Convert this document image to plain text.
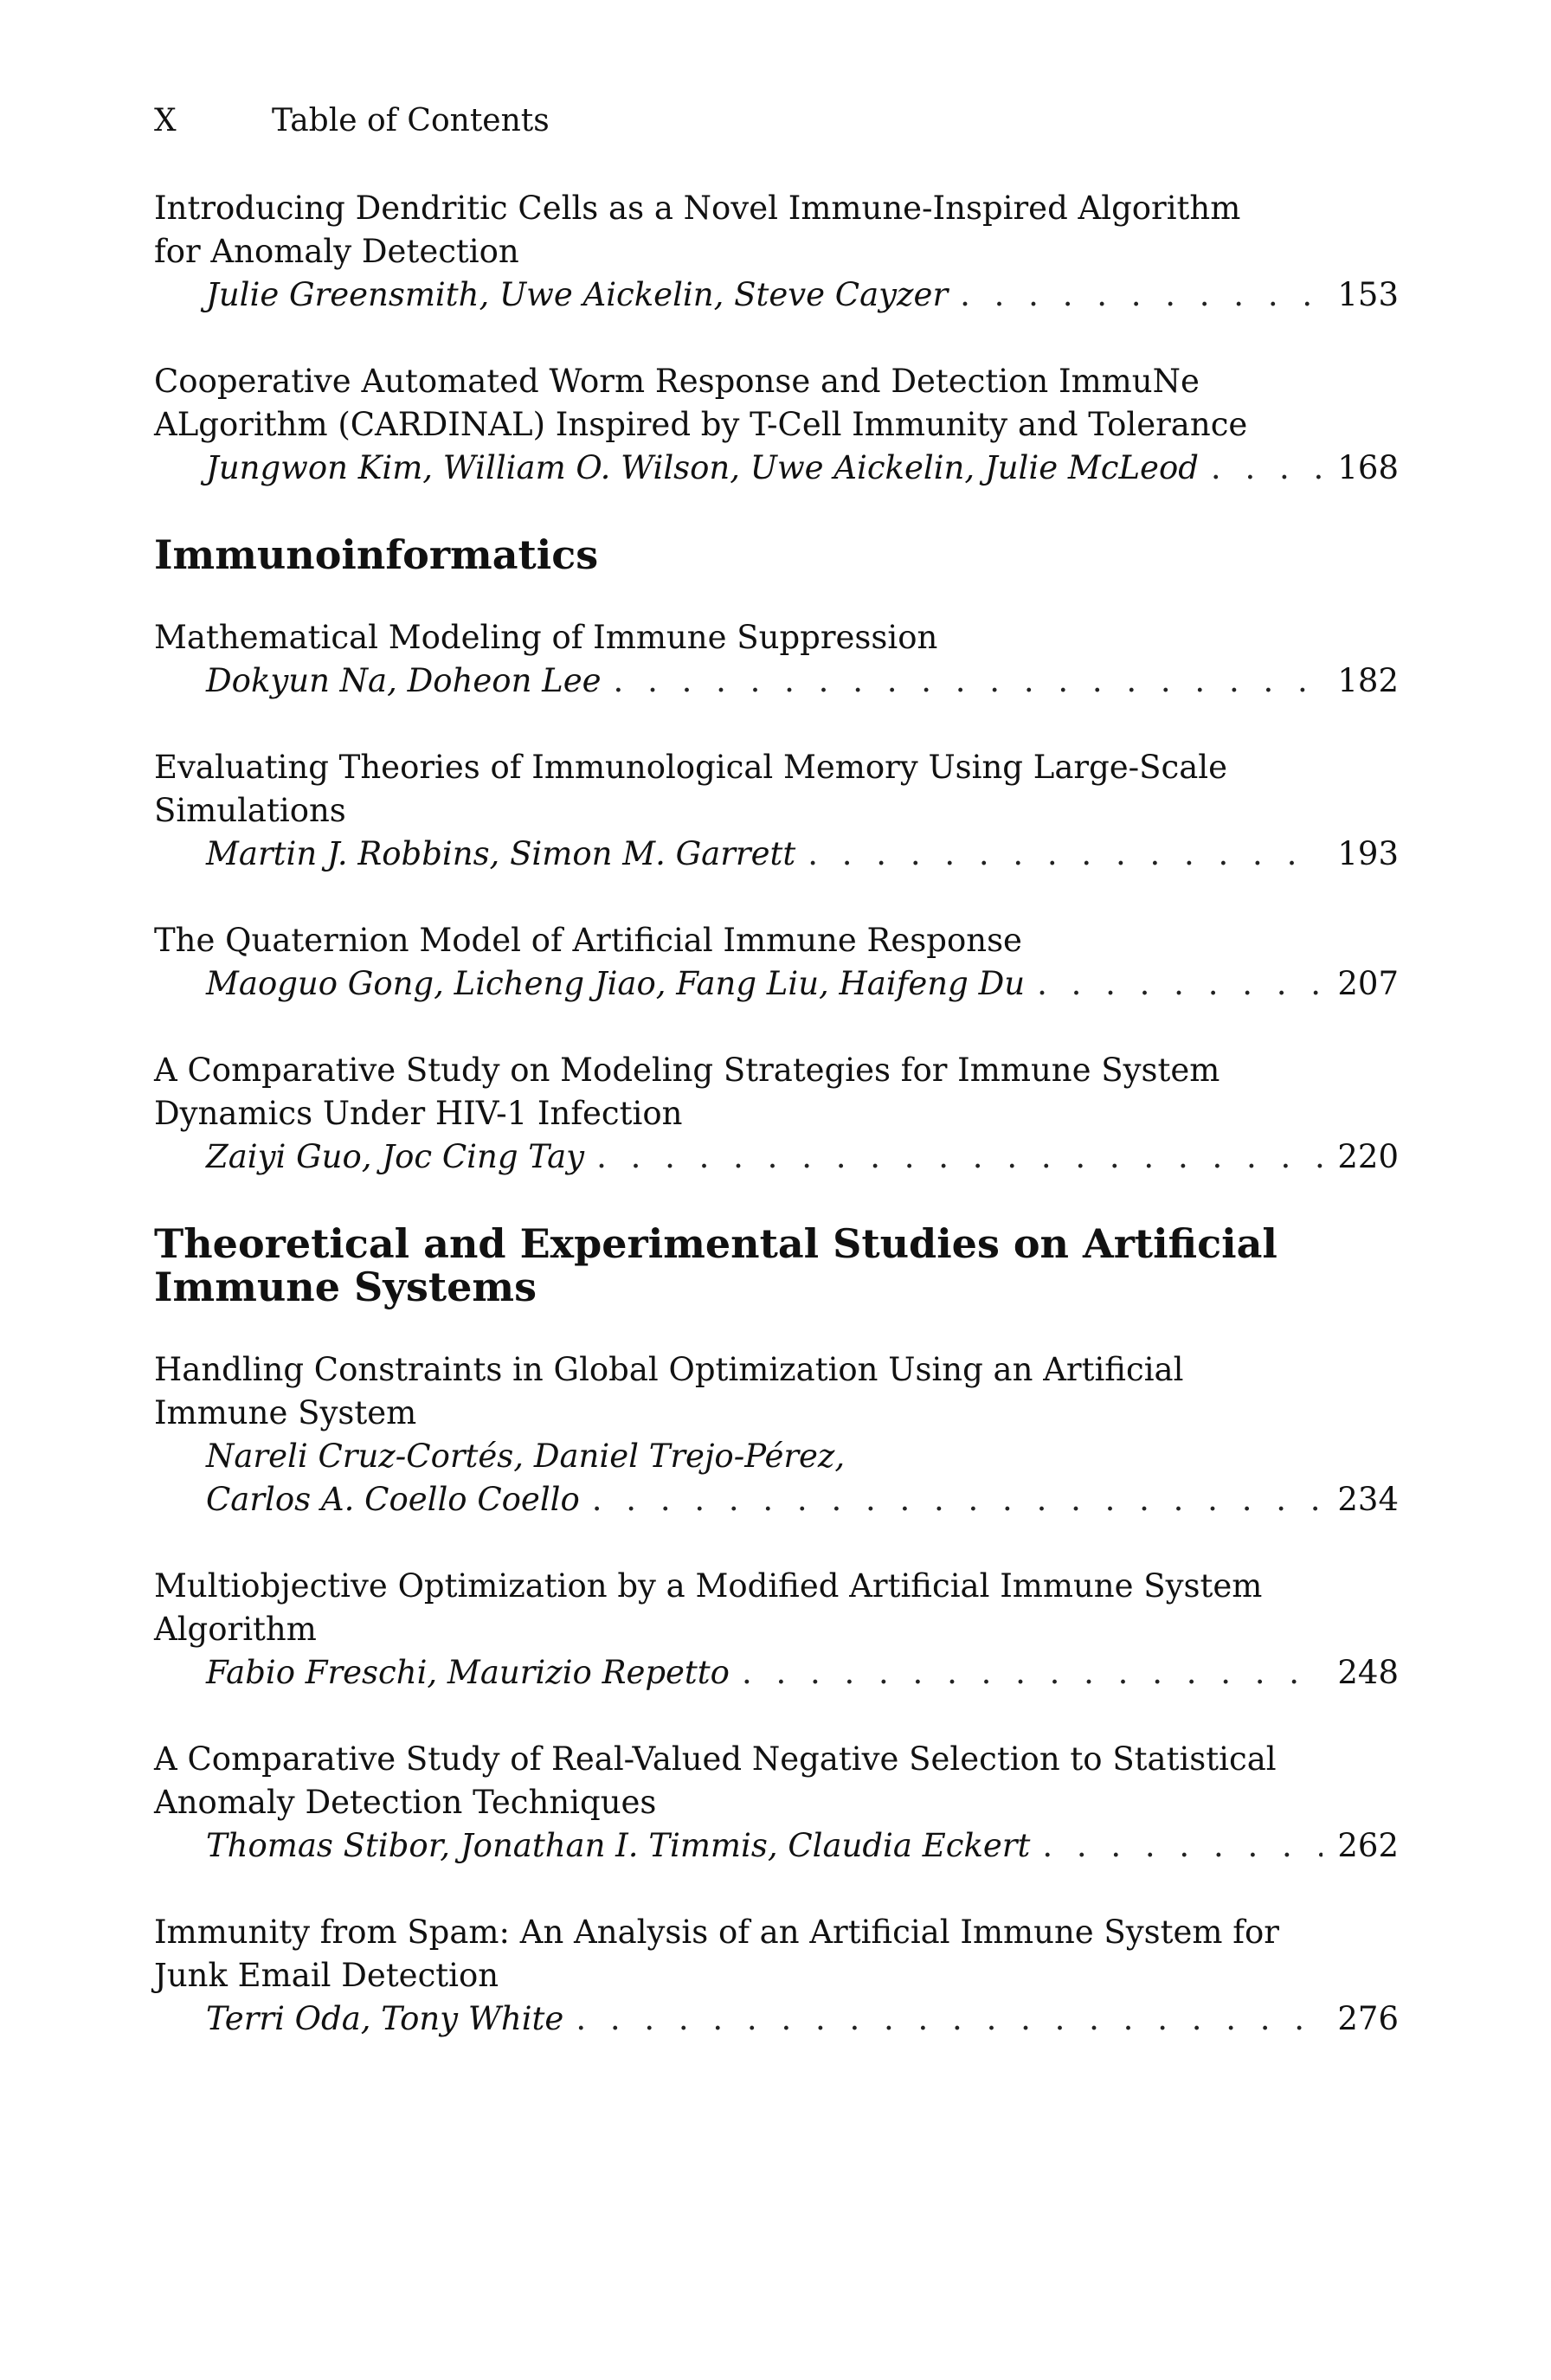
X	Table of Contents
Introducing Dendritic Cells as a Novel Immune-Inspired Algorithm for Anomaly Detection
Julie Greensmith, Uwe Aickelin, Steve Cayzer . . .	153
Cooperative Automated Worm Response and Detection ImmuNe ALgorithm (CARDINAL) Inspired by T-Cell Immunity and Tolerance
Jungwon Kim, William O. Wilson, Uwe Aickelin, Julie McLeod . . .	168
Immunoinformatics
Mathematical Modeling of Immune Suppression
Dokyun Na, Doheon Lee . . .	182
Evaluating Theories of Immunological Memory Using Large-Scale Simulations
Martin J. Robbins, Simon M. Garrett . . .	193
The Quaternion Model of Artificial Immune Response
Maoguo Gong, Licheng Jiao, Fang Liu, Haifeng Du . . .	207
A Comparative Study on Modeling Strategies for Immune System Dynamics Under HIV-1 Infection
Zaiyi Guo, Joc Cing Tay . . .	220
Theoretical and Experimental Studies on Artificial Immune Systems
Handling Constraints in Global Optimization Using an Artificial Immune System
Nareli Cruz-Cortés, Daniel Trejo-Pérez,
Carlos A. Coello Coello . . .	234
Multiobjective Optimization by a Modified Artificial Immune System Algorithm
Fabio Freschi, Maurizio Repetto . . .	248
A Comparative Study of Real-Valued Negative Selection to Statistical Anomaly Detection Techniques
Thomas Stibor, Jonathan I. Timmis, Claudia Eckert . . .	262
Immunity from Spam: An Analysis of an Artificial Immune System for Junk Email Detection
Terri Oda, Tony White . . .	276
